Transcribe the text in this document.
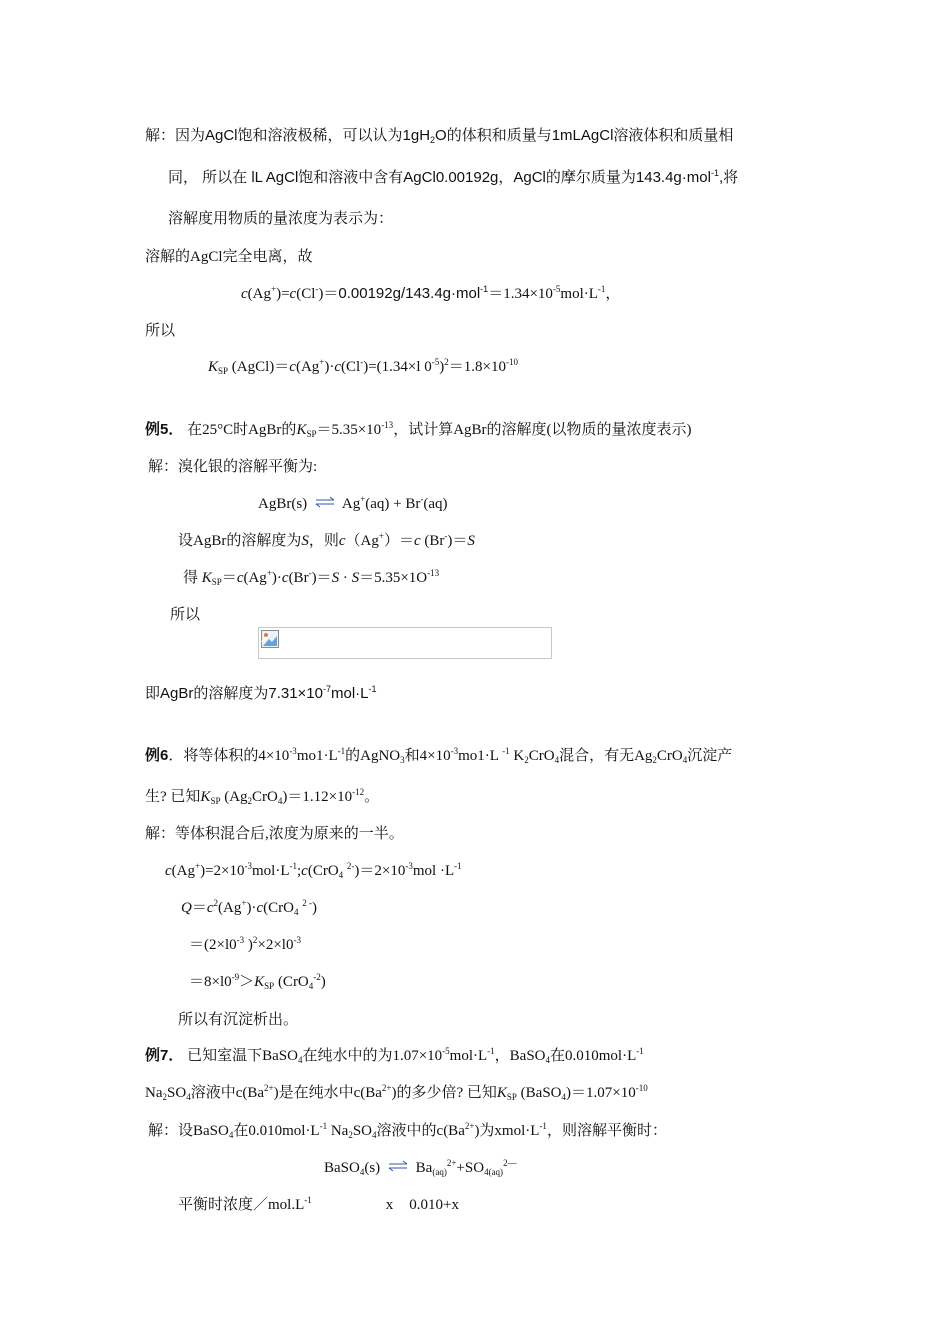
解：因为AgCl饱和溶液极稀，可以认为$1gH_2O$的体积和质量与1mLAgCl溶液体积和质量相
同， 所以在 lL AgCl饱和溶液中含有AgCl0.00192g，AgCl的摩尔质量为143.4g·mol$^{-1}$,将
溶解度用物质的量浓度为表示为：
溶解的AgCl完全电离，故
$c(Ag^+)=c(Cl^-)=0.00192g/143.4g\cdot mol^{-1}=1.34\times 10^{-5}mol\cdot L^{-1}$，
所以
$K_{SP}$ (AgCl)＝c(Ag+)·c(Cl-)=(1.34×l $0^{-5})^2=1.8\times 10^{-10}$
例5． 在25°C时AgBr的$K_{SP}=5.35\times 10^{-13}$，试计算AgBr的溶解度(以物质的量浓度表示)
解：溴化银的溶解平衡为:
AgBr(s) ⇌ Ag+(aq) + Br-(aq)
设AgBr的溶解度为S，则c（Ag+）＝c (Br-)＝S
得 $K_{SP}=c(Ag^+)\cdot c(Br^-)=S \cdot S=5.35\times 1O^{-13}$
所以
即AgBr的溶解度为$7.31\times 10^{-7}mol\cdot L^{-1}$
例6．将等体积的$4\times 10^{-3}mo1\cdot L^{-1}$的AgNO$_3$和$4\times 10^{-3}mo1\cdot L$ $^{-1}$ $K_2CrO_4$混合，有无$Ag_2CrO_4$沉淀产
生? 已知$K_{SP}$ $(Ag_2CrO_4)=1.12\times 10^{-12}$。
解：等体积混合后,浓度为原来的一半。
$c(Ag^+)=2\times 10^{-3}mol\cdot L^{-1};c(CrO_4$ $^{2-})=2\times 10^{-3}mol \cdot L^{-1}$
$Q=c^2(Ag^+)\cdot c(CrO_4$ $^{2 -}$)
$=(2\times l0^{-3}$ )$^2\times 2\times l0^{-3}$
$=8\times l0^{-9}>K_{SP}$ (CrO$_4^{-2}$)
所以有沉淀析出。
例7． 已知室温下BaSO$_4$在纯水中的为$1.07\times 10^{-5}mol\cdot L^{-1}$，BaSO$_4$在$0.010mol\cdot L^{-1}$
$Na_2SO_4$溶液中$c(Ba^{2+})$是在纯水中$c(Ba^{2+})$的多少倍? 已知$K_{SP}$ $(BaSO_4)=1.07\times 10^{-10}$
解：设BaSO$_4$在$0.010mol\cdot L^{-1}$ $Na_2SO_4$溶液中的$c(Ba^{2+})$为$xmol\cdot L^{-1}$，则溶解平衡时：
BaSO$_4$(s) ⇌ $Ba_{(aq)}^{2+}+SO_{4(aq)}^{2—}$
平衡时浓度$/mol.L^{-1}$	x 0.010+x
